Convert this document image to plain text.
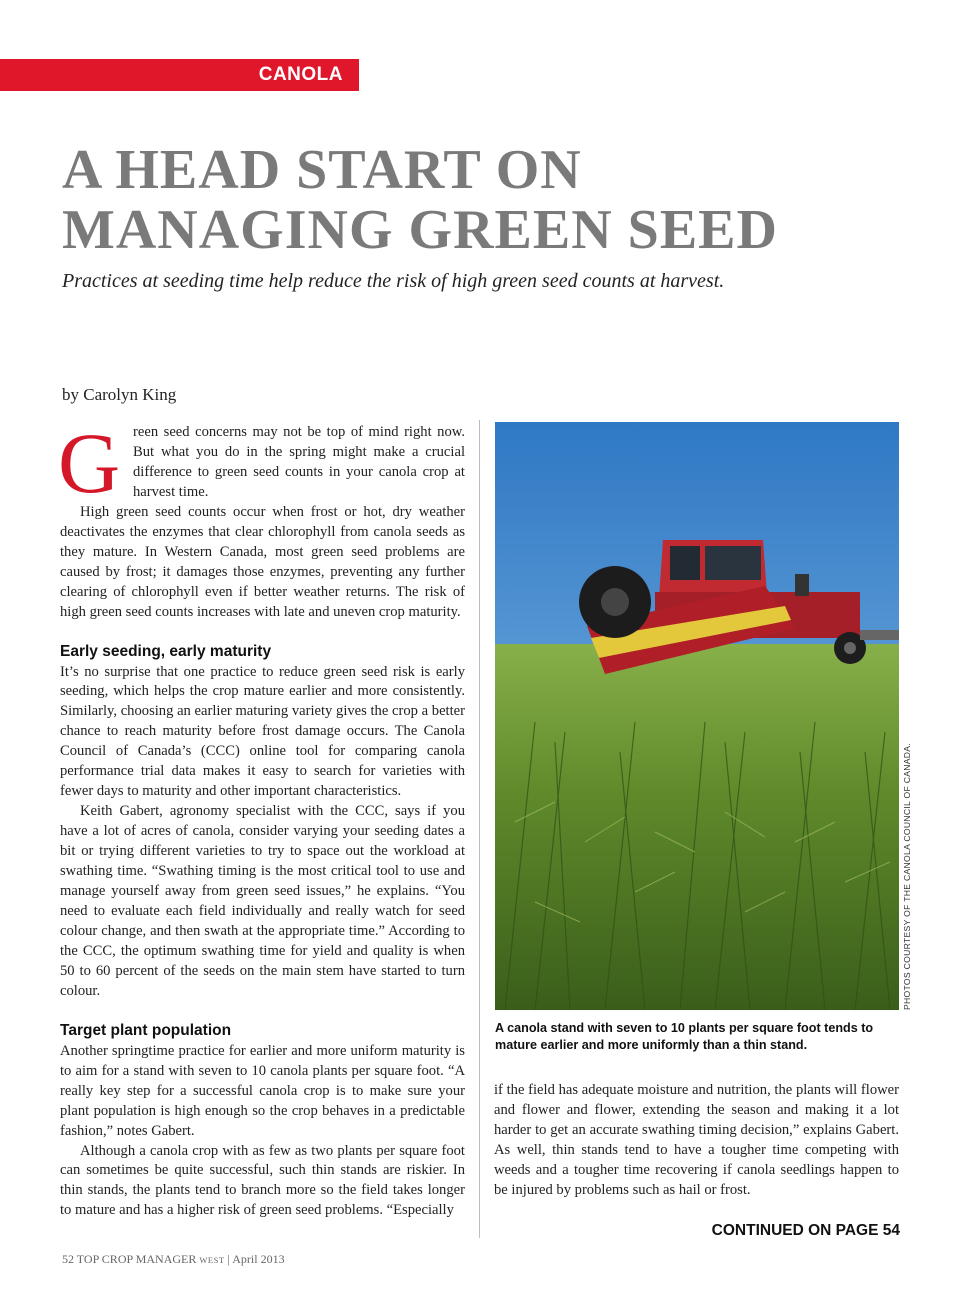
CANOLA
A HEAD START ON
MANAGING GREEN SEED
Practices at seeding time help reduce the risk of high green seed counts at harvest.
by Carolyn King
G reen seed concerns may not be top of mind right now. But what you do in the spring might make a crucial difference to green seed counts in your canola crop at harvest time.

High green seed counts occur when frost or hot, dry weather deactivates the enzymes that clear chlorophyll from canola seeds as they mature. In Western Canada, most green seed problems are caused by frost; it damages those enzymes, preventing any further clearing of chlorophyll even if better weather returns. The risk of high green seed counts increases with late and uneven crop maturity.

Early seeding, early maturity

It’s no surprise that one practice to reduce green seed risk is early seeding, which helps the crop mature earlier and more consistently. Similarly, choosing an earlier maturing variety gives the crop a better chance to reach maturity before frost damage occurs. The Canola Council of Canada’s (CCC) online tool for comparing canola performance trial data makes it easy to search for varieties with fewer days to maturity and other important characteristics.

Keith Gabert, agronomy specialist with the CCC, says if you have a lot of acres of canola, consider varying your seeding dates a bit or trying different varieties to try to space out the workload at swathing time. “Swathing timing is the most critical tool to use and manage yourself away from green seed issues,” he explains. “You need to evaluate each field individually and really watch for seed colour change, and then swath at the appropriate time.” According to the CCC, the optimum swathing time for yield and quality is when 50 to 60 percent of the seeds on the main stem have started to turn colour.

Target plant population

Another springtime practice for earlier and more uniform maturity is to aim for a stand with seven to 10 canola plants per square foot. “A really key step for a successful canola crop is to make sure your plant population is high enough so the crop behaves in a predictable fashion,” notes Gabert.

Although a canola crop with as few as two plants per square foot can sometimes be quite successful, such thin stands are riskier. In thin stands, the plants tend to branch more so the field takes longer to mature and has a higher risk of green seed problems. “Especially

PHOTOS COURTESY OF THE CANOLA COUNCIL OF CANADA.
A canola stand with seven to 10 plants per square foot tends to mature earlier and more uniformly than a thin stand.

if the field has adequate moisture and nutrition, the plants will flower and flower and flower, extending the season and making it a lot harder to get an accurate swathing timing decision,” explains Gabert. As well, thin stands tend to have a tougher time competing with weeds and a tougher time recovering if canola seedlings happen to be injured by problems such as hail or frost.

CONTINUED ON PAGE 54
52 TOP CROP MANAGER WEST | April 2013
